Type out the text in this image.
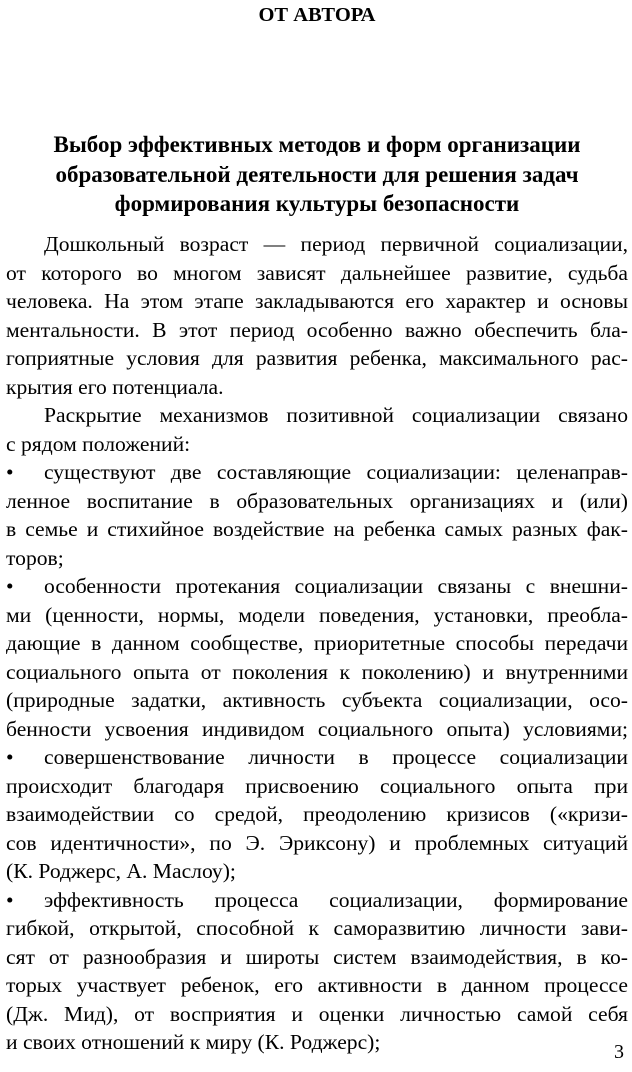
ОТ АВТОРА
Выбор эффективных методов и форм организации
образовательной деятельности для решения задач
формирования культуры безопасности
Дошкольный возраст — период первичной социализации,
от которого во многом зависят дальнейшее развитие, судьба
человека. На этом этапе закладываются его характер и основы
ментальности. В этот период особенно важно обеспечить бла-
гоприятные условия для развития ребенка, максимального рас-
крытия его потенциала.
Раскрытие механизмов позитивной социализации связано
с рядом положений:
• существуют две составляющие социализации: целенаправ-
ленное воспитание в образовательных организациях и (или)
в семье и стихийное воздействие на ребенка самых разных фак-
торов;
• особенности протекания социализации связаны с внешни-
ми (ценности, нормы, модели поведения, установки, преобла-
дающие в данном сообществе, приоритетные способы передачи
социального опыта от поколения к поколению) и внутренними
(природные задатки, активность субъекта социализации, осо-
бенности усвоения индивидом социального опыта) условиями;
• совершенствование личности в процессе социализации
происходит благодаря присвоению социального опыта при
взаимодействии со средой, преодолению кризисов («кризи-
сов идентичности», по Э. Эриксону) и проблемных ситуаций
(К. Роджерс, А. Маслоу);
• эффективность процесса социализации, формирование
гибкой, открытой, способной к саморазвитию личности зави-
сят от разнообразия и широты систем взаимодействия, в ко-
торых участвует ребенок, его активности в данном процессе
(Дж. Мид), от восприятия и оценки личностью самой себя
и своих отношений к миру (К. Роджерс);	3
